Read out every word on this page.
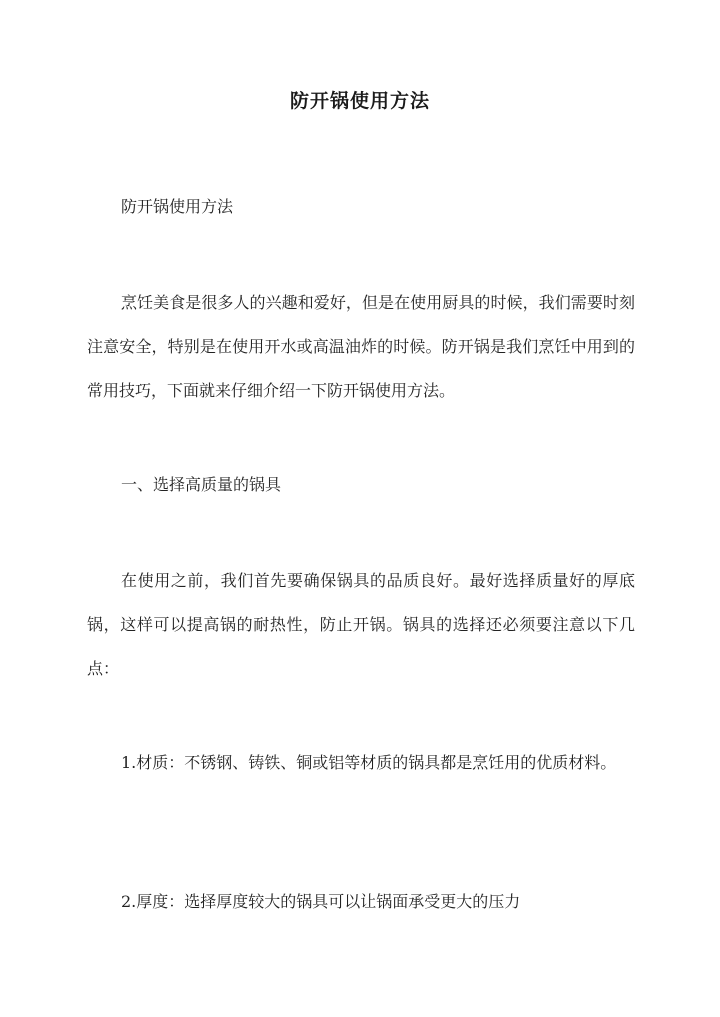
防开锅使用方法
防开锅使用方法
烹饪美食是很多人的兴趣和爱好，但是在使用厨具的时候，我们需要时刻注意安全，特别是在使用开水或高温油炸的时候。防开锅是我们烹饪中用到的常用技巧，下面就来仔细介绍一下防开锅使用方法。
一、选择高质量的锅具
在使用之前，我们首先要确保锅具的品质良好。最好选择质量好的厚底锅，这样可以提高锅的耐热性，防止开锅。锅具的选择还必须要注意以下几点：
1.材质：不锈钢、铸铁、铜或铝等材质的锅具都是烹饪用的优质材料。
2.厚度：选择厚度较大的锅具可以让锅面承受更大的压力
